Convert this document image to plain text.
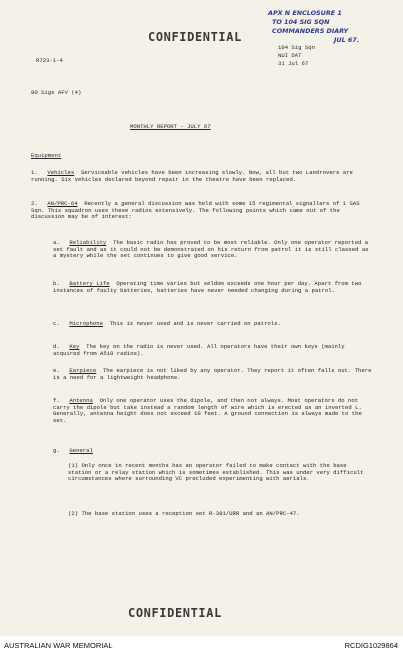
CONFIDENTIAL
APX N ENCLOSURE 1
TO 104 SIG SQN
COMMANDERS DIARY
JUL 67.
104 Sig Sqn
NUI DAT
31 Jul 67
R723-1-4
80 Sigs AFV (4)
MONTHLY REPORT - JULY 67
Equipment
1. Vehicles Serviceable vehicles have been increasing slowly. Now, all but two Landrovers are running. Six vehicles declared beyond repair in the theatre have been replaced.
2. AN/PRC-64 Recently a general discussion was held with some 15 regimental signallers of 1 SAS Sqn. This squadron uses these radios extensively. The following points which came out of the discussion may be of interest:
a. Reliability The basic radio has proved to be most reliable. Only one operator reported a set fault and as it could not be demonstrated on his return from patrol it is still classed as a mystery while the set continues to give good service.
b. Battery Life Operating time varies but seldom exceeds one hour per day. Apart from two instances of faulty batteries, batteries have never needed changing during a patrol.
c. Microphone This is never used and is never carried on patrols.
d. Key The key on the radio is never used. All operators have their own keys (mainly acquired from A510 radios).
e. Earpiece The earpiece is not liked by any operator. They report it often falls out. There is a need for a lightweight headphone.
f. Antenna Only one operator uses the dipole, and then not always. Most operators do not carry the dipole but take instead a random length of wire which is erected as an inverted L. Generally, antenna height does not exceed 10 feet. A ground connection is always made to the set.
g. General
(1) Only once in recent months has an operator failed to make contact with the base station or a relay station which is sometimes established. This was under very difficult circumstances where surrounding VC precluded experimenting with aerials.
(2) The base station uses a reception set R-391/URR and an AN/PRC-47.
CONFIDENTIAL
AUSTRALIAN WAR MEMORIAL	RCDIG1029864
